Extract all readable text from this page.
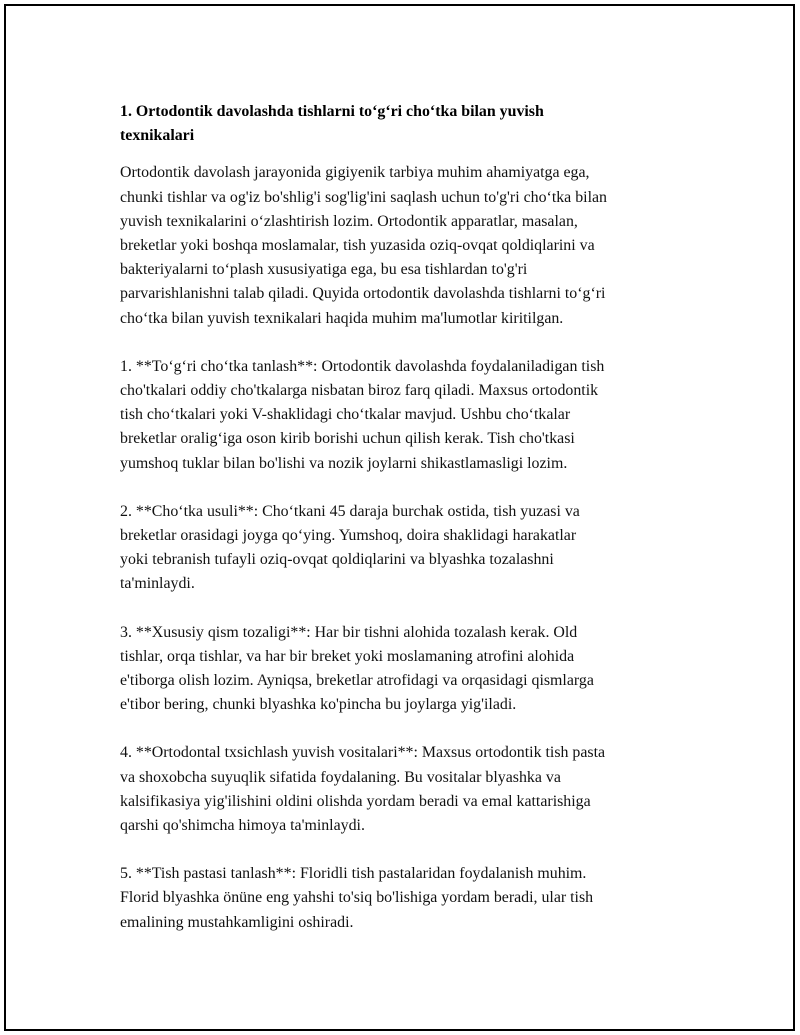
1. Ortodontik davolashda tishlarni to‘g‘ri cho‘tka bilan yuvish
texnikalari

Ortodontik davolash jarayonida gigiyenik tarbiya muhim ahamiyatga ega,
chunki tishlar va og'iz bo'shlig'i sog'lig'ini saqlash uchun to'g'ri cho‘tka bilan
yuvish texnikalarini o‘zlashtirish lozim. Ortodontik apparatlar, masalan,
breketlar yoki boshqa moslamalar, tish yuzasida oziq-ovqat qoldiqlarini va
bakteriyalarni to‘plash xususiyatiga ega, bu esa tishlardan to'g'ri
parvarishlanishni talab qiladi. Quyida ortodontik davolashda tishlarni to‘g‘ri
cho‘tka bilan yuvish texnikalari haqida muhim ma'lumotlar kiritilgan.

1. **To‘g‘ri cho‘tka tanlash**: Ortodontik davolashda foydalaniladigan tish
cho'tkalari oddiy cho'tkalarga nisbatan biroz farq qiladi. Maxsus ortodontik
tish cho‘tkalari yoki V-shaklidagi cho‘tkalar mavjud. Ushbu cho‘tkalar
breketlar oralig‘iga oson kirib borishi uchun qilish kerak. Tish cho'tkasi
yumshoq tuklar bilan bo'lishi va nozik joylarni shikastlamasligi lozim.

2. **Cho‘tka usuli**: Cho‘tkani 45 daraja burchak ostida, tish yuzasi va
breketlar orasidagi joyga qo‘ying. Yumshoq, doira shaklidagi harakatlar
yoki tebranish tufayli oziq-ovqat qoldiqlarini va blyashka tozalashni
ta'minlaydi.

3. **Xususiy qism tozaligi**: Har bir tishni alohida tozalash kerak. Old
tishlar, orqa tishlar, va har bir breket yoki moslamaning atrofini alohida
e'tiborga olish lozim. Ayniqsa, breketlar atrofidagi va orqasidagi qismlarga
e'tibor bering, chunki blyashka ko'pincha bu joylarga yig'iladi.

4. **Ortodontal txsichlash yuvish vositalari**: Maxsus ortodontik tish pasta
va shoxobcha suyuqlik sifatida foydalaning. Bu vositalar blyashka va
kalsifikasiya yig'ilishini oldini olishda yordam beradi va emal kattarishiga
qarshi qo'shimcha himoya ta'minlaydi.

5. **Tish pastasi tanlash**: Floridli tish pastalaridan foydalanish muhim.
Florid blyashka önüne eng yahshi to'siq bo'lishiga yordam beradi, ular tish
emalining mustahkamligini oshiradi.
